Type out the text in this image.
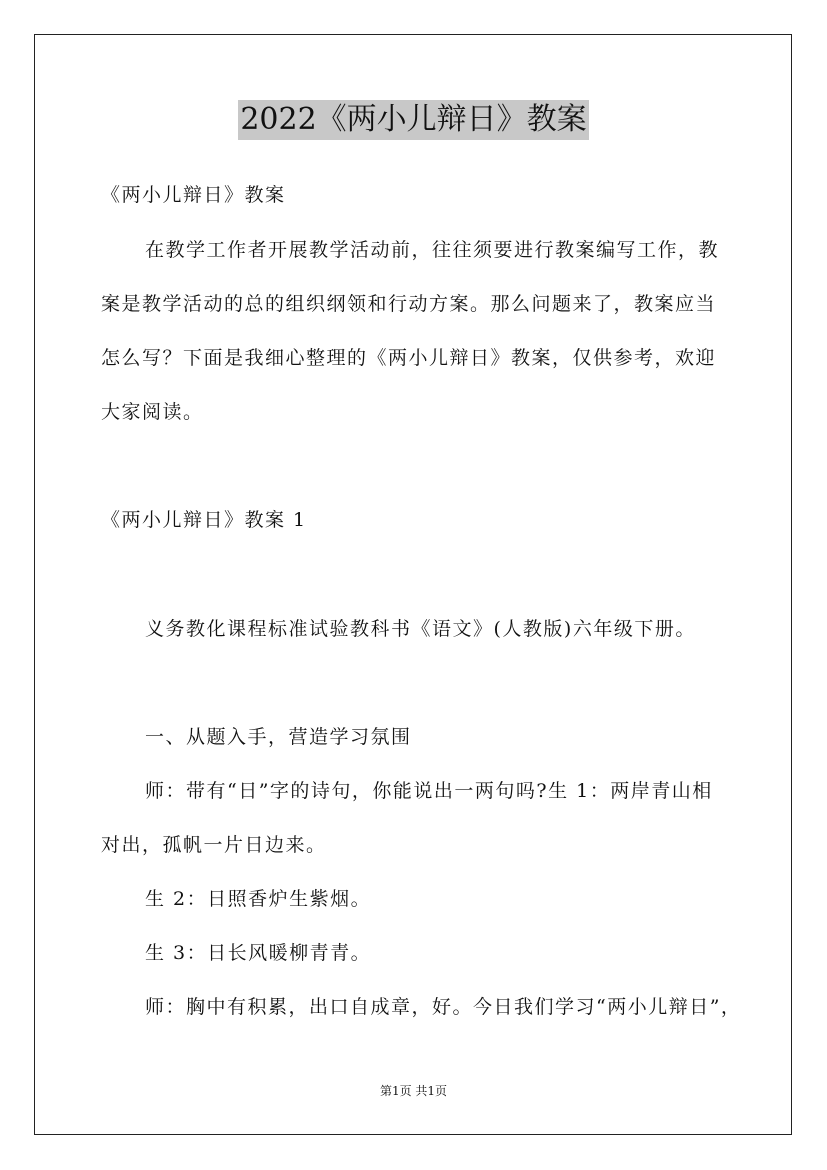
2022《两小儿辩日》教案
《两小儿辩日》教案
在教学工作者开展教学活动前，往往须要进行教案编写工作，教
案是教学活动的总的组织纲领和行动方案。那么问题来了，教案应当
怎么写？下面是我细心整理的《两小儿辩日》教案，仅供参考，欢迎
大家阅读。
《两小儿辩日》教案 1
义务教化课程标准试验教科书《语文》(人教版)六年级下册。
一、从题入手，营造学习氛围
师：带有“日”字的诗句，你能说出一两句吗?生 1：两岸青山相
对出，孤帆一片日边来。
生 2：日照香炉生紫烟。
生 3：日长风暖柳青青。
师：胸中有积累，出口自成章，好。今日我们学习“两小儿辩日”，
第1页 共1页
